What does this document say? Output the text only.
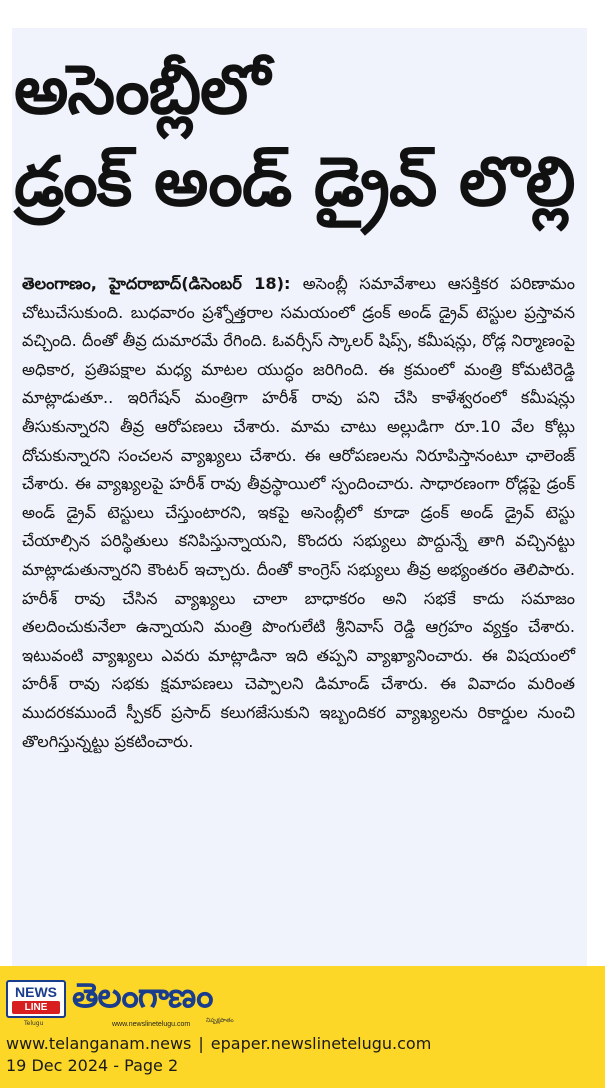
అసెంబ్లీలో
డ్రంక్ అండ్ డ్రైవ్ లొల్లి
తెలంగాణం, హైదరాబాద్(డిసెంబర్ 18): అసెంబ్లీ సమావేశాలు ఆసక్తికర పరిణామం చోటుచేసుకుంది. బుధవారం ప్రశ్నోత్తరాల సమయంలో డ్రంక్ అండ్ డ్రైవ్ టెస్టుల ప్రస్తావన వచ్చింది. దీంతో తీవ్ర దుమారమే రేగింది. ఓవర్సీస్ స్కాలర్ షిప్స్, కమీషన్లు, రోడ్ల నిర్మాణంపై అధికార, ప్రతిపక్షాల మధ్య మాటల యుద్ధం జరిగింది. ఈ క్రమంలో మంత్రి కోమటిరెడ్డి మాట్లాడుతూ.. ఇరిగేషన్ మంత్రిగా హరీశ్ రావు పని చేసి కాళేశ్వరంలో కమీషన్లు తీసుకున్నారని తీవ్ర ఆరోపణలు చేశారు. మామ చాటు అల్లుడిగా రూ.10 వేల కోట్లు దోచుకున్నారని సంచలన వ్యాఖ్యలు చేశారు. ఈ ఆరోపణలను నిరూపిస్తానంటూ ఛాలెంజ్ చేశారు. ఈ వ్యాఖ్యలపై హరీశ్ రావు తీవ్రస్థాయిలో స్పందించారు. సాధారణంగా రోడ్లపై డ్రంక్ అండ్ డ్రైవ్ టెస్టులు చేస్తుంటారని, ఇకపై అసెంబ్లీలో కూడా డ్రంక్ అండ్ డ్రైవ్ టెస్టు చేయాల్సిన పరిస్థితులు కనిపిస్తున్నాయని, కొందరు సభ్యులు పొద్దున్నే తాగి వచ్చినట్టు మాట్లాడుతున్నారని కౌంటర్ ఇచ్చారు. దీంతో కాంగ్రెస్ సభ్యులు తీవ్ర అభ్యంతరం తెలిపారు. హరీశ్ రావు చేసిన వ్యాఖ్యలు చాలా బాధాకరం అని సభకే కాదు సమాజం తలదించుకునేలా ఉన్నాయని మంత్రి పొంగులేటి శ్రీనివాస్ రెడ్డి ఆగ్రహం వ్యక్తం చేశారు. ఇటువంటి వ్యాఖ్యలు ఎవరు మాట్లాడినా ఇది తప్పని వ్యాఖ్యానించారు. ఈ విషయంలో హరీశ్ రావు సభకు క్షమాపణలు చెప్పాలని డిమాండ్ చేశారు. ఈ వివాదం మరింత ముదరకముందే స్పీకర్ ప్రసాద్ కలుగజేసుకుని ఇబ్బందికర వ్యాఖ్యలను రికార్డుల నుంచి తొలగిస్తున్నట్టు ప్రకటించారు.
NEWS
LINE
Telugu
తెలంగాణం
నిష్పక్షపాతం
www.newslinetelugu.com
www.telanganam.news | epaper.newslinetelugu.com
19 Dec 2024 - Page 2
